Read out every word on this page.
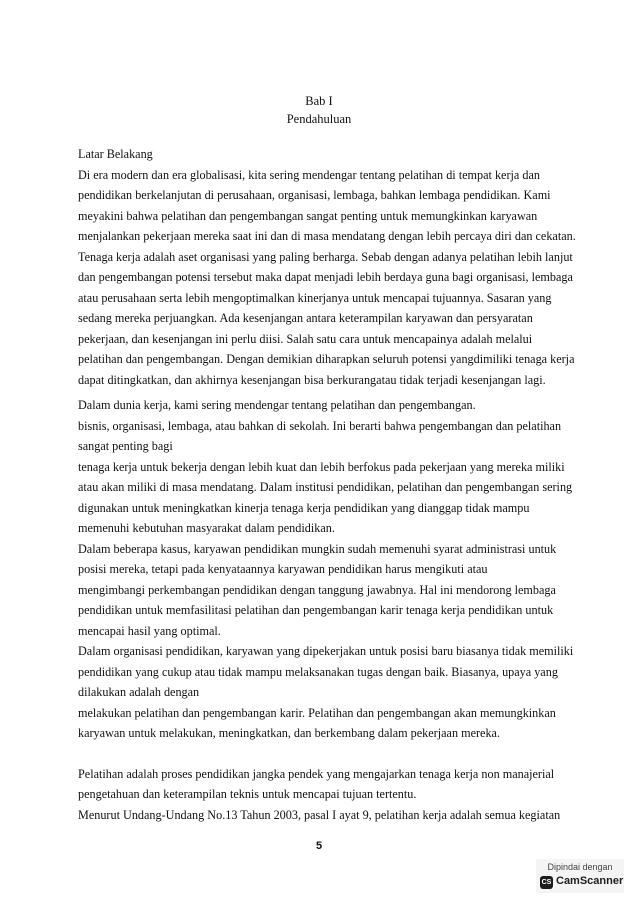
Bab I

Pendahuluan

Latar Belakang
Di era modern dan era globalisasi, kita sering mendengar tentang pelatihan di tempat kerja dan
pendidikan berkelanjutan di perusahaan, organisasi, lembaga, bahkan lembaga pendidikan. Kami
meyakini bahwa pelatihan dan pengembangan sangat penting untuk memungkinkan karyawan
menjalankan pekerjaan mereka saat ini dan di masa mendatang dengan lebih percaya diri dan cekatan.
Tenaga kerja adalah aset organisasi yang paling berharga. Sebab dengan adanya pelatihan lebih lanjut
dan pengembangan potensi tersebut maka dapat menjadi lebih berdaya guna bagi organisasi, lembaga
atau perusahaan serta lebih mengoptimalkan kinerjanya untuk mencapai tujuannya. Sasaran yang
sedang mereka perjuangkan. Ada kesenjangan antara keterampilan karyawan dan persyaratan
pekerjaan, dan kesenjangan ini perlu diisi. Salah satu cara untuk mencapainya adalah melalui
pelatihan dan pengembangan. Dengan demikian diharapkan seluruh potensi yangdimiliki tenaga kerja
dapat ditingkatkan, dan akhirnya kesenjangan bisa berkurangatau tidak terjadi kesenjangan lagi.
Dalam dunia kerja, kami sering mendengar tentang pelatihan dan pengembangan.
bisnis, organisasi, lembaga, atau bahkan di sekolah. Ini berarti bahwa pengembangan dan pelatihan
sangat penting bagi
tenaga kerja untuk bekerja dengan lebih kuat dan lebih berfokus pada pekerjaan yang mereka miliki
atau akan miliki di masa mendatang. Dalam institusi pendidikan, pelatihan dan pengembangan sering
digunakan untuk meningkatkan kinerja tenaga kerja pendidikan yang dianggap tidak mampu
memenuhi kebutuhan masyarakat dalam pendidikan.
Dalam beberapa kasus, karyawan pendidikan mungkin sudah memenuhi syarat administrasi untuk
posisi mereka, tetapi pada kenyataannya karyawan pendidikan harus mengikuti atau
mengimbangi perkembangan pendidikan dengan tanggung jawabnya. Hal ini mendorong lembaga
pendidikan untuk memfasilitasi pelatihan dan pengembangan karir tenaga kerja pendidikan untuk
mencapai hasil yang optimal.
Dalam organisasi pendidikan, karyawan yang dipekerjakan untuk posisi baru biasanya tidak memiliki
pendidikan yang cukup atau tidak mampu melaksanakan tugas dengan baik. Biasanya, upaya yang
dilakukan adalah dengan
melakukan pelatihan dan pengembangan karir. Pelatihan dan pengembangan akan memungkinkan
karyawan untuk melakukan, meningkatkan, dan berkembang dalam pekerjaan mereka.
Pelatihan adalah proses pendidikan jangka pendek yang mengajarkan tenaga kerja non manajerial
pengetahuan dan keterampilan teknis untuk mencapai tujuan tertentu.
Menurut Undang-Undang No.13 Tahun 2003, pasal I ayat 9, pelatihan kerja adalah semua kegiatan
5
Dipindai dengan
CS CamScanner
